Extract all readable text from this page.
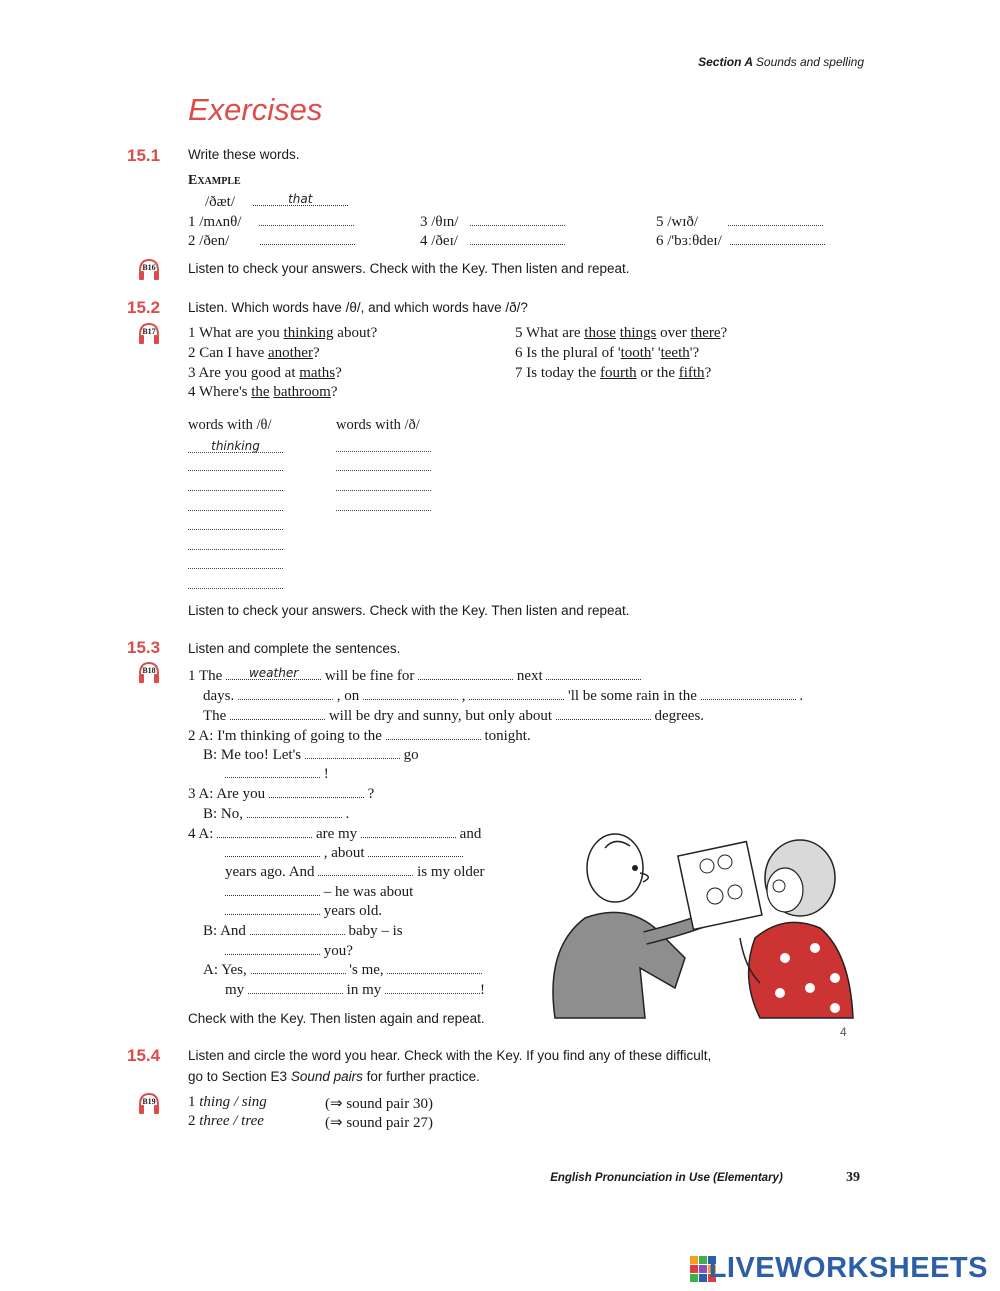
Section A Sounds and spelling
Exercises
15.1 Write these words.
Example
/ðæt/	that
1 /mʌnθ/
2 /ðen/
3 /θɪn/
4 /ðeɪ/
5 /wɪð/
6 /'bɜːθdeɪ/
B16 Listen to check your answers. Check with the Key. Then listen and repeat.
15.2 Listen. Which words have /θ/, and which words have /ð/?
B17 1 What are you thinking about?
2 Can I have another?
3 Are you good at maths?
4 Where's the bathroom?
5 What are those things over there?
6 Is the plural of 'tooth' 'teeth'?
7 Is today the fourth or the fifth?
words with /θ/	words with /ð/
thinking
Listen to check your answers. Check with the Key. Then listen and repeat.
15.3 Listen and complete the sentences.
B18 1 The	weather	will be fine for	next
days.	, on	,	'll be some rain in the	.
The	will be dry and sunny, but only about	degrees.
2 A: I'm thinking of going to the	tonight.
B: Me too! Let's	go
!
3 A: Are you	?
B: No,	.
4 A:	are my	and
, about
years ago. And	is my older
– he was about
years old.
B: And	baby – is
you?
A: Yes,	's me,
my	in my	!
Check with the Key. Then listen again and repeat.
4
15.4 Listen and circle the word you hear. Check with the Key. If you find any of these difficult,
go to Section E3 Sound pairs for further practice.
B19 1 thing / sing	(⇒ sound pair 30)
2 three / tree	(⇒ sound pair 27)
English Pronunciation in Use (Elementary)	39
LIVEWORKSHEETS
